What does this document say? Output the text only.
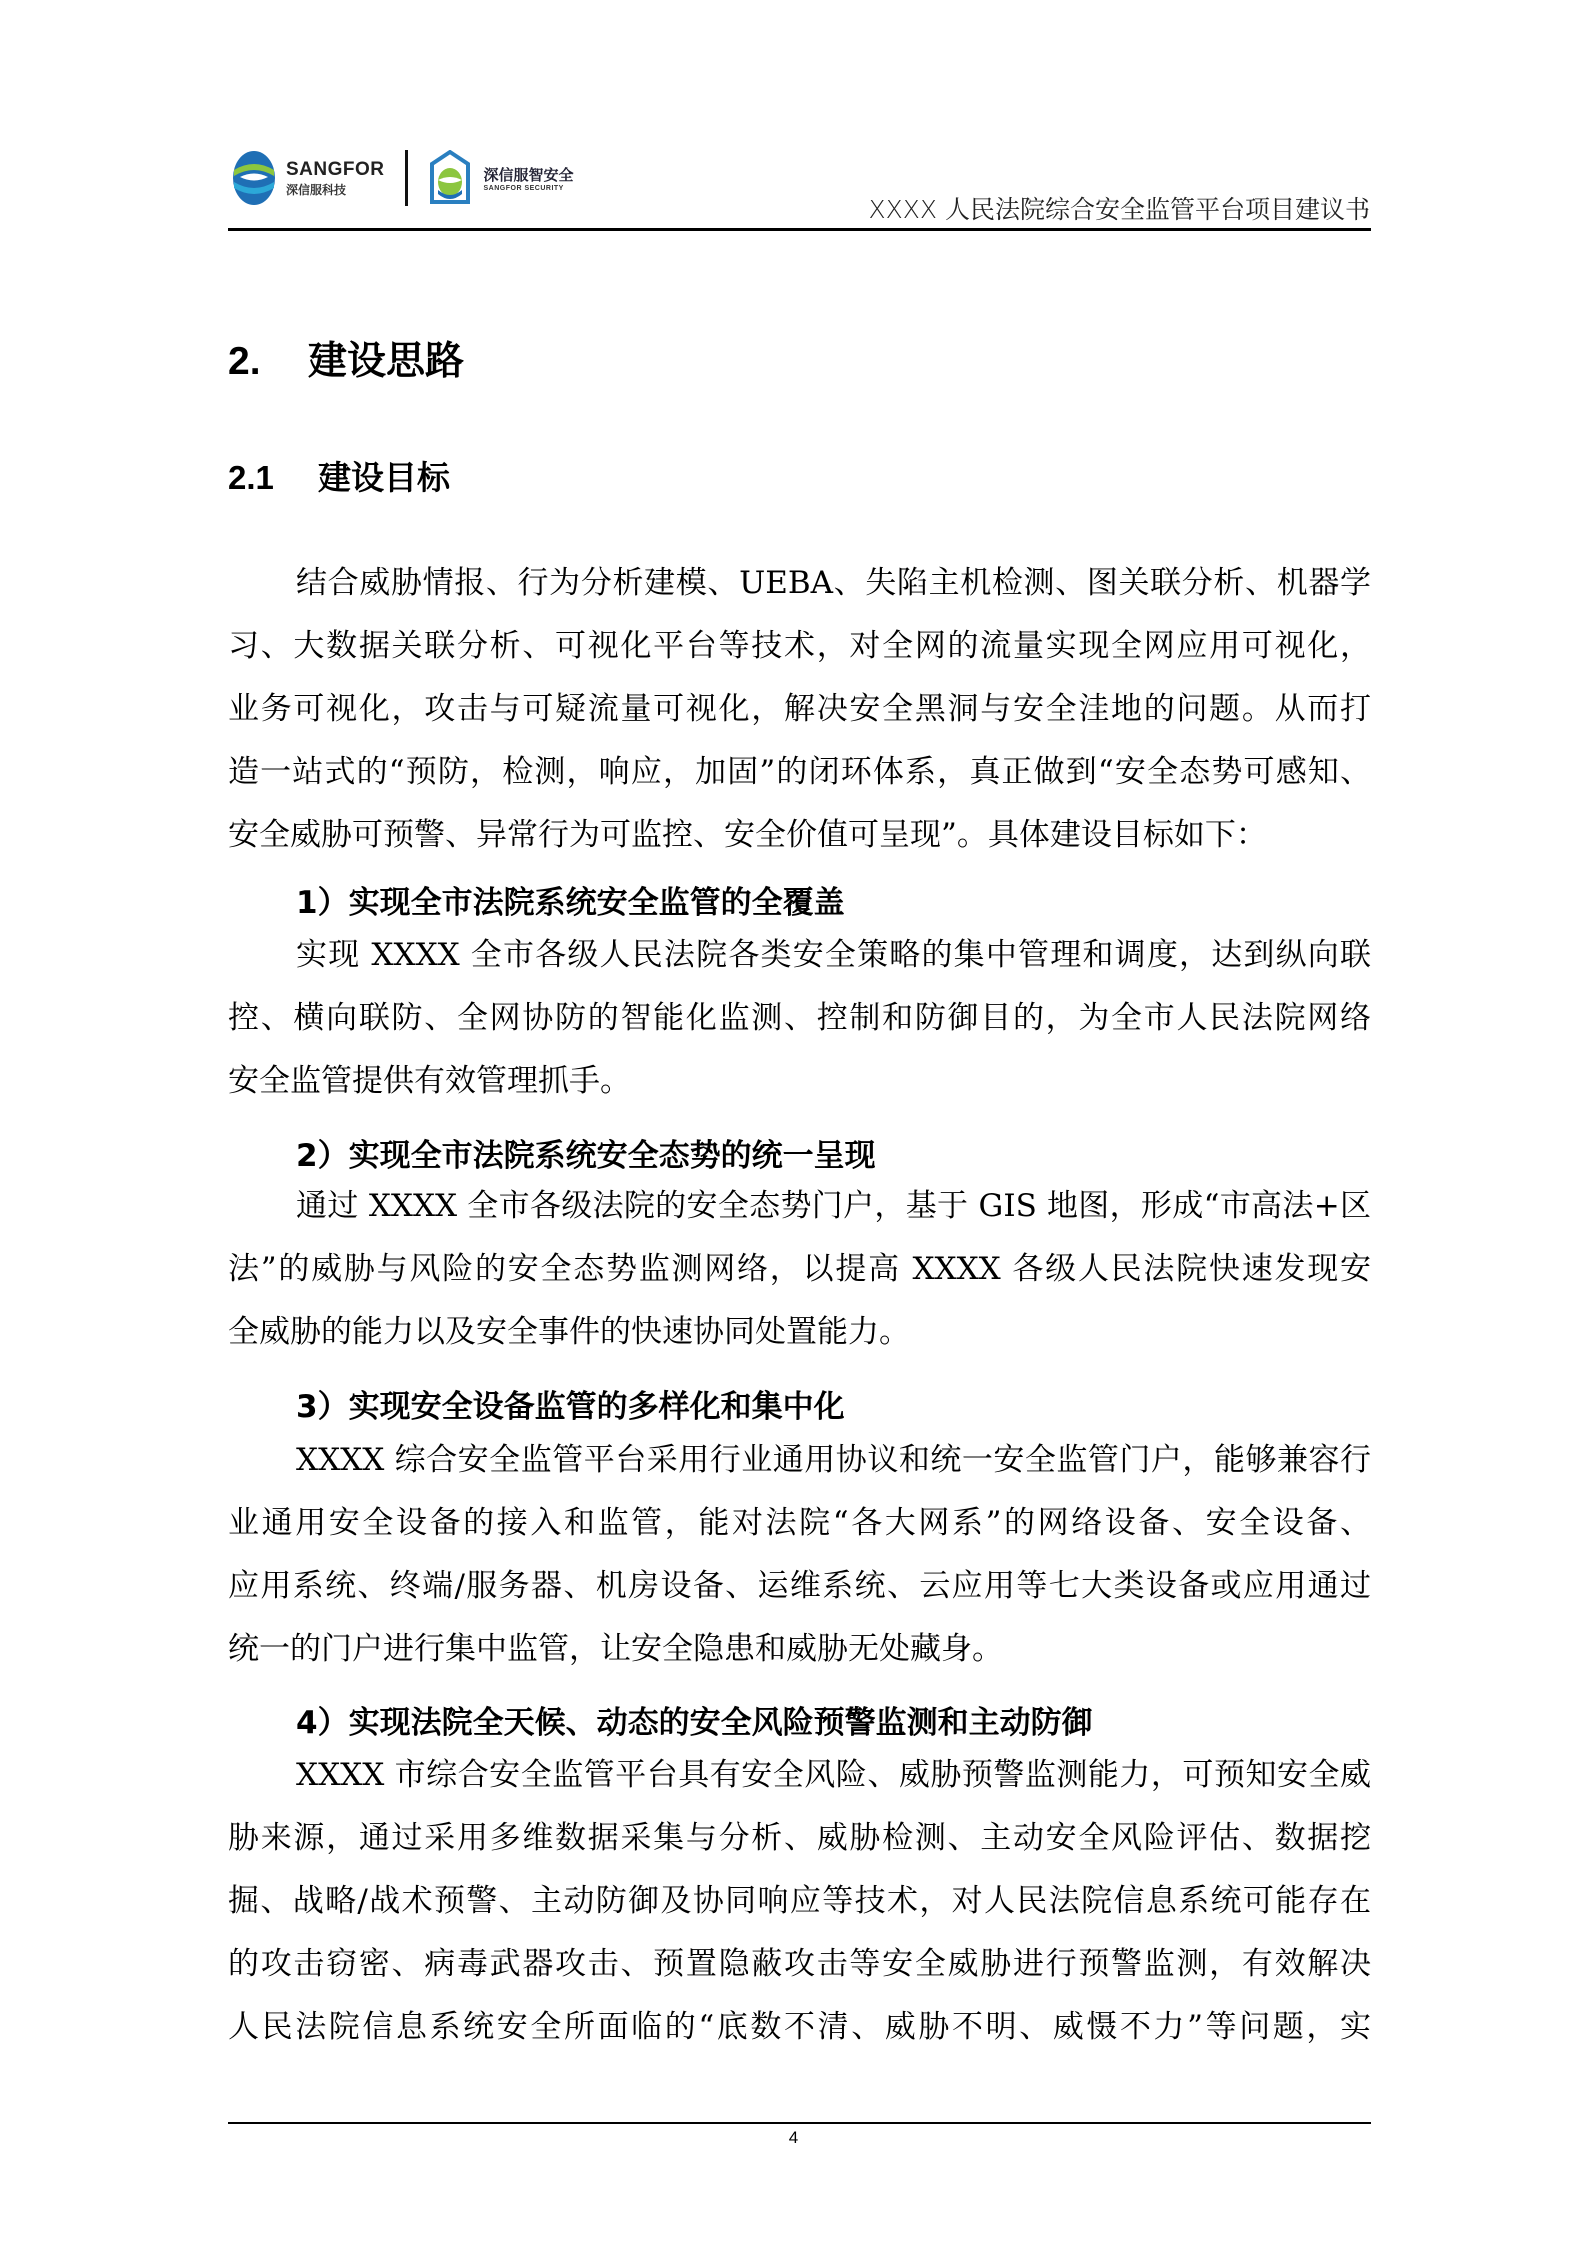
SANGFOR
深信服科技
深信服智安全
SANGFOR SECURITY
XXXX 人民法院综合安全监管平台项目建议书
2. 建设思路
2.1 建设目标
结合威胁情报、行为分析建模、UEBA、失陷主机检测、图关联分析、机器学
习、大数据关联分析、可视化平台等技术，对全网的流量实现全网应用可视化，
业务可视化，攻击与可疑流量可视化，解决安全黑洞与安全洼地的问题。从而打
造一站式的“预防，检测，响应，加固”的闭环体系，真正做到“安全态势可感知、
安全威胁可预警、异常行为可监控、安全价值可呈现”。具体建设目标如下：
1）实现全市法院系统安全监管的全覆盖
实现 XXXX 全市各级人民法院各类安全策略的集中管理和调度，达到纵向联
控、横向联防、全网协防的智能化监测、控制和防御目的，为全市人民法院网络
安全监管提供有效管理抓手。
2）实现全市法院系统安全态势的统一呈现
通过 XXXX 全市各级法院的安全态势门户，基于 GIS 地图，形成“市高法+区
法”的威胁与风险的安全态势监测网络，以提高 XXXX 各级人民法院快速发现安
全威胁的能力以及安全事件的快速协同处置能力。
3）实现安全设备监管的多样化和集中化
XXXX 综合安全监管平台采用行业通用协议和统一安全监管门户，能够兼容行
业通用安全设备的接入和监管，能对法院“各大网系”的网络设备、安全设备、
应用系统、终端/服务器、机房设备、运维系统、云应用等七大类设备或应用通过
统一的门户进行集中监管，让安全隐患和威胁无处藏身。
4）实现法院全天候、动态的安全风险预警监测和主动防御
XXXX 市综合安全监管平台具有安全风险、威胁预警监测能力，可预知安全威
胁来源，通过采用多维数据采集与分析、威胁检测、主动安全风险评估、数据挖
掘、战略/战术预警、主动防御及协同响应等技术，对人民法院信息系统可能存在
的攻击窃密、病毒武器攻击、预置隐蔽攻击等安全威胁进行预警监测，有效解决
人民法院信息系统安全所面临的“底数不清、威胁不明、威慑不力”等问题，实
4
